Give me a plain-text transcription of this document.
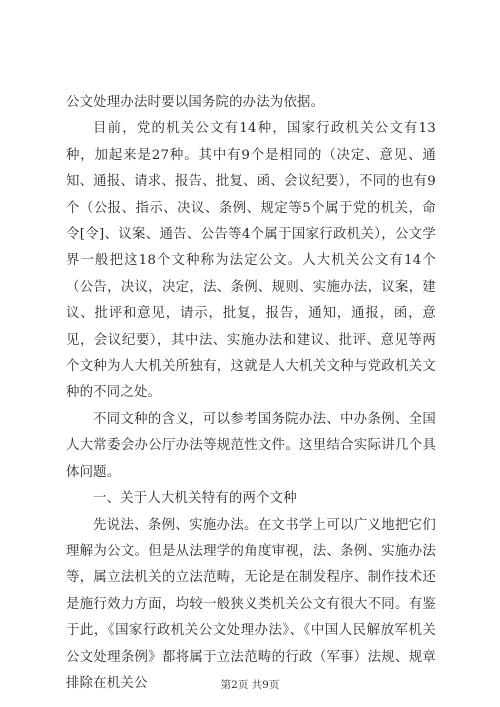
公文处理办法时要以国务院的办法为依据。

目前，党的机关公文有14种，国家行政机关公文有13种，加起来是27种。其中有9个是相同的（决定、意见、通知、通报、请求、报告、批复、函、会议纪要），不同的也有9个（公报、指示、决议、条例、规定等5个属于党的机关，命令[令]、议案、通告、公告等4个属于国家行政机关），公文学界一般把这18个文种称为法定公文。人大机关公文有14个（公告，决议，决定，法、条例、规则、实施办法，议案，建议、批评和意见，请示，批复，报告，通知，通报，函，意见，会议纪要），其中法、实施办法和建议、批评、意见等两个文种为人大机关所独有，这就是人大机关文种与党政机关文种的不同之处。

不同文种的含义，可以参考国务院办法、中办条例、全国人大常委会办公厅办法等规范性文件。这里结合实际讲几个具体问题。

一、关于人大机关特有的两个文种

先说法、条例、实施办法。在文书学上可以广义地把它们理解为公文。但是从法理学的角度审视，法、条例、实施办法等，属立法机关的立法范畴，无论是在制发程序、制作技术还是施行效力方面，均较一般狭义类机关公文有很大不同。有鉴于此，《国家行政机关公文处理办法》、《中国人民解放军机关公文处理条例》都将属于立法范畴的行政（军事）法规、规章排除在机关公	第2页 共9页
